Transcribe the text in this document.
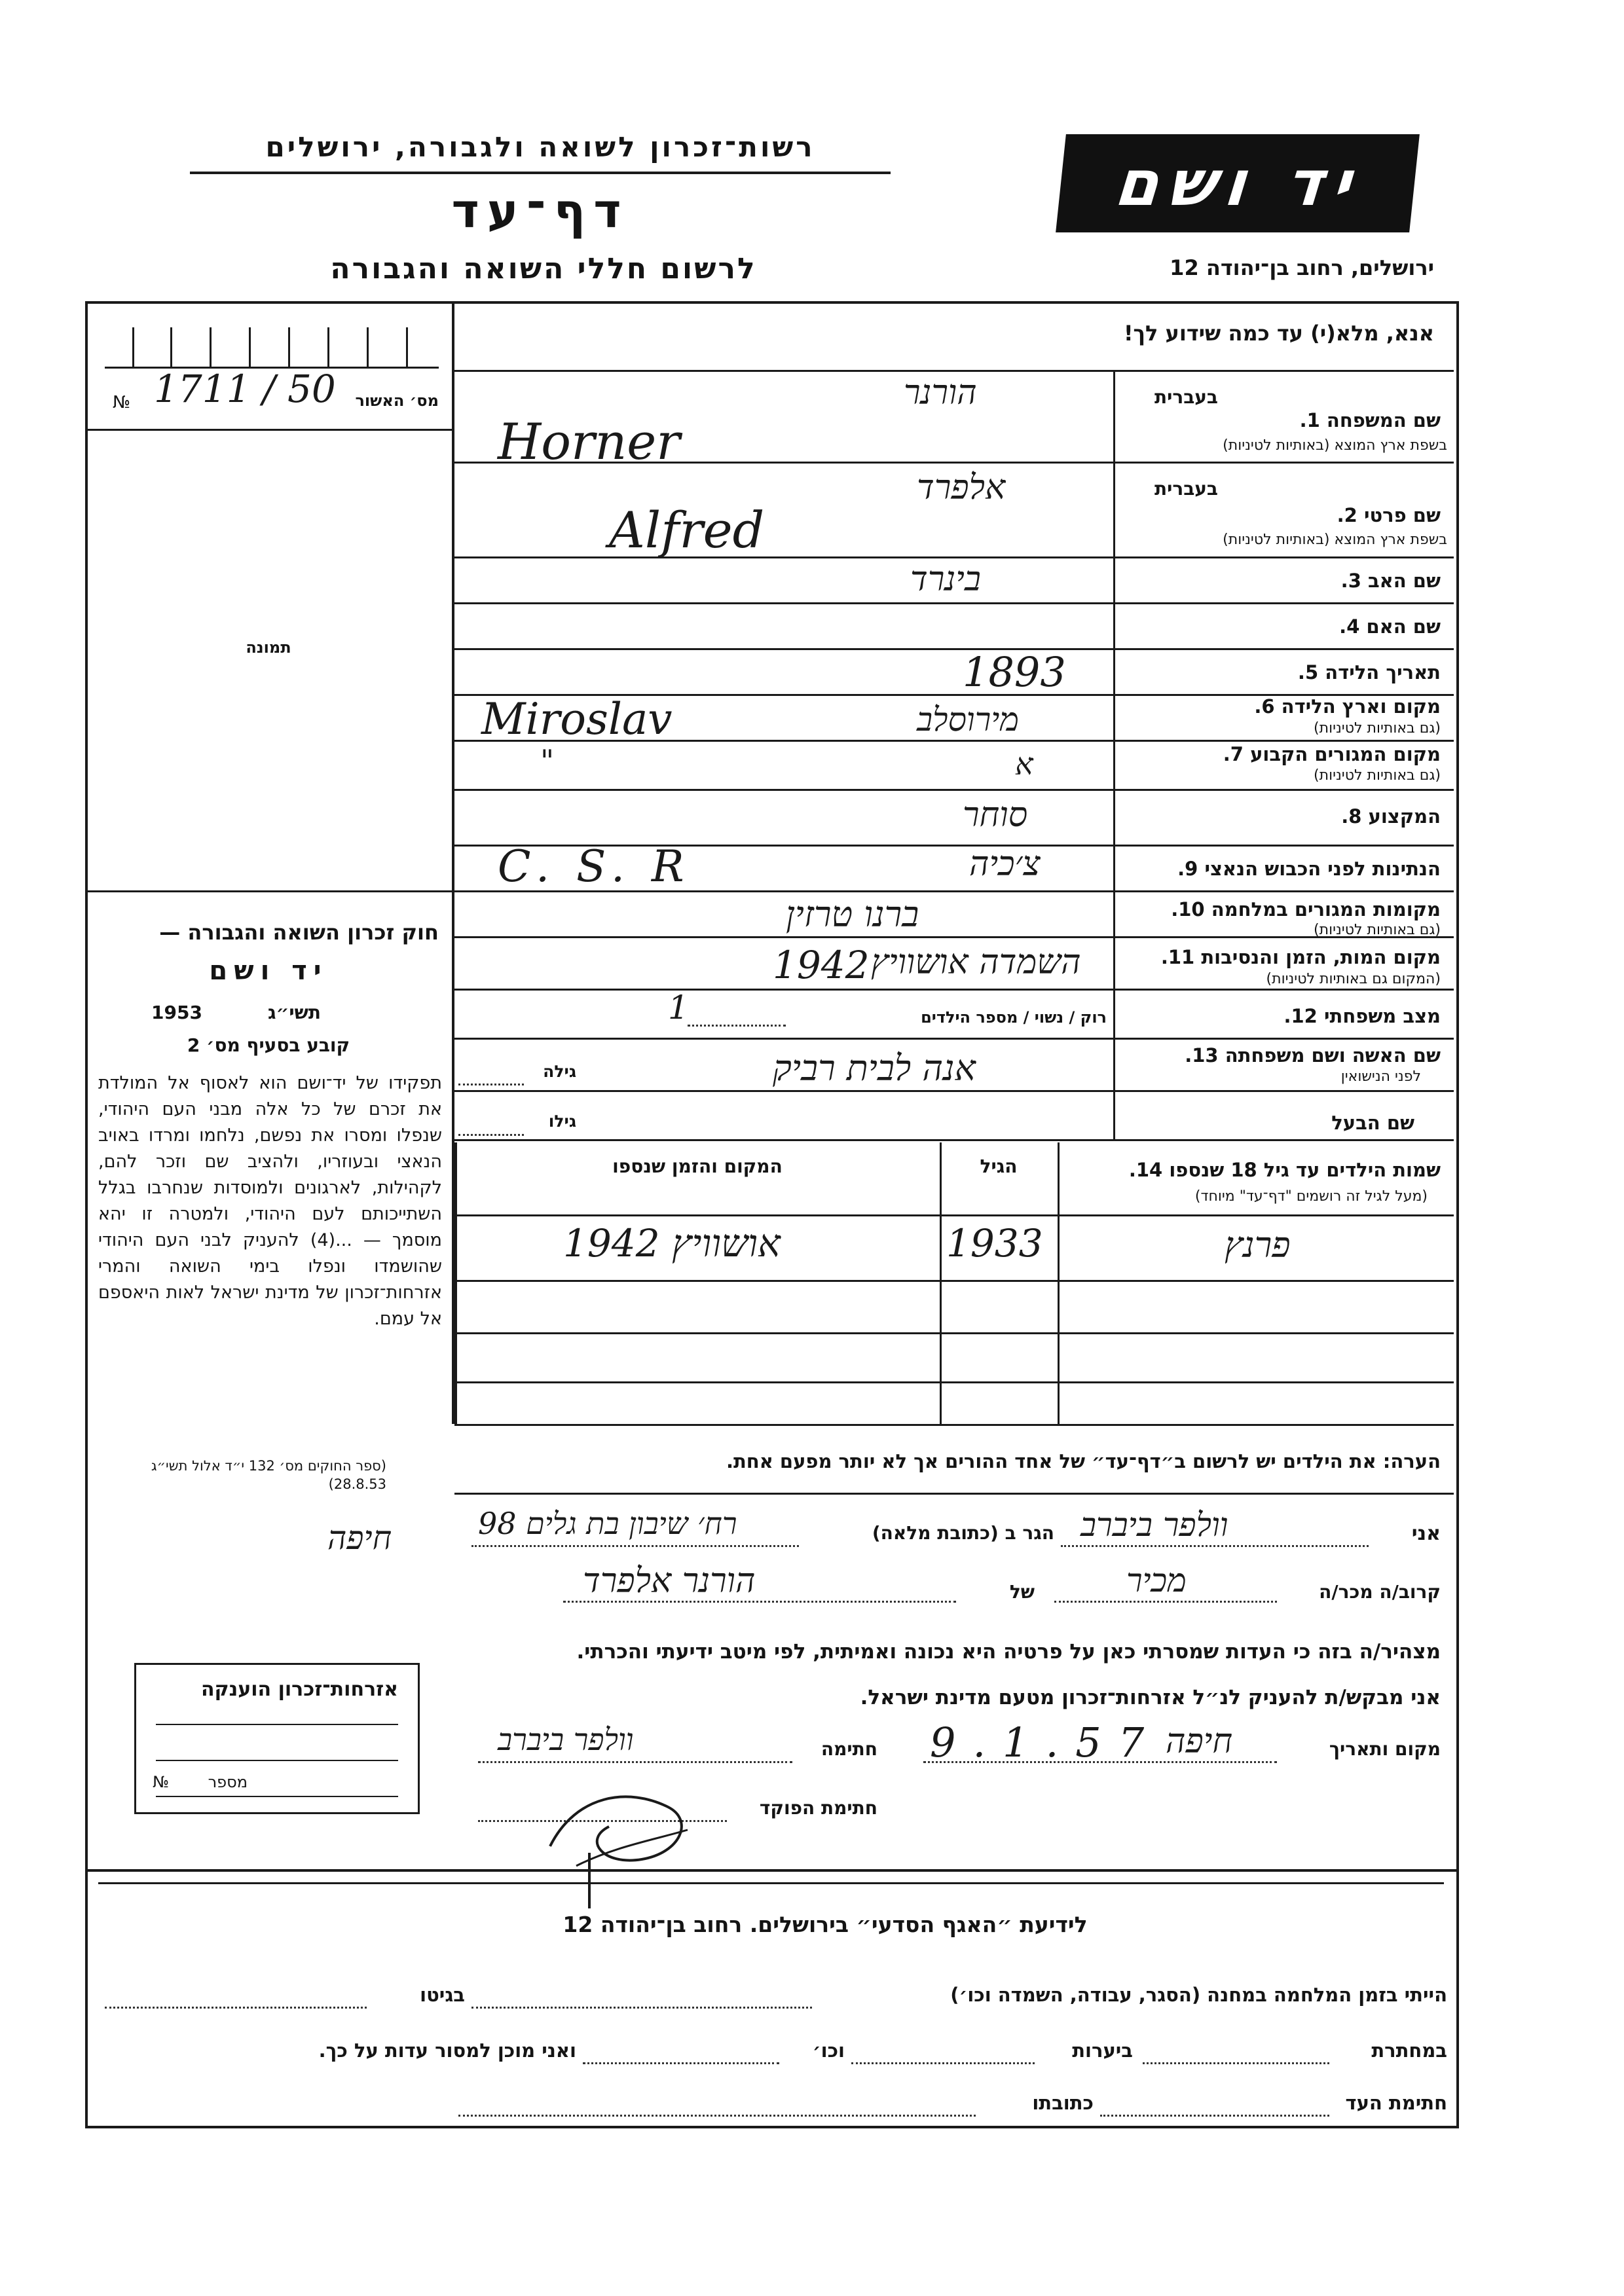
רשות־זכרון לשואה ולגבורה, ירושלים
דף־עד
לרשום חללי השואה והגבורה
יד ושם
ירושלים, רחוב בן־יהודה 12
אנא, מלא(י) עד כמה שידוע לך!
№ 1711 / 50 מס׳ האשור
תמונה
חוק זכרון השואה והגבורה —
יד ושם
תשי״ג
1953
קובע בסעיף מס׳ 2
תפקידו של יד־ושם הוא לאסוף אל המולדת את זכרם של כל אלה מבני העם היהודי, שנפלו ומסרו את נפשם, נלחמו ומרדו באויב הנאצי ובעוזריו, ולהציב שם וזכר להם, לקהילות, לארגונים ולמוסדות שנחרבו בגלל השתייכותם לעם היהודי, ולמטרה זו יהא מוסמך — ...(4) להעניק לבני העם היהודי שהושמדו ונפלו בימי השואה והמרי אזרחות־זכרון של מדינת ישראל לאות היאספם אל עמם.
(ספר החוקים מס׳ 132 י״ד אלול תשי״ג 28.8.53)
בעברית
שם המשפחה 1.
בשפת ארץ המוצא (באותיות לטיניות)
הורנר
Horner
בעברית
שם פרטי 2.
בשפת ארץ המוצא (באותיות לטיניות)
אלפרד
Alfred
שם האב 3.
בינרד
שם האם 4.
תאריך הלידה 5.
1893
מקום וארץ הלידה 6.
(גם באותיות לטיניות)
מירוסלב
Miroslav
מקום המגורים הקבוע 7.
(גם באותיות לטיניות)
א
"
המקצוע 8.
סוחר
הנתינות לפני הכבוש הנאצי 9.
צ׳כיה
C. S. R
מקומות המגורים במלחמה 10.
(גם באותיות לטיניות)
ברנו טרזין
מקום המות, הזמן והנסיבות 11.
(המקום גם באותיות לטיניות)
השמדה אושוויץ
1942
מצב משפחתי 12.
רוק / נשוי / מספר הילדים
1
שם האשה ושם משפחתה 13.
לפני הנישואין
אנה לבית רביק
גילה
שם הבעל
גילו
שמות הילדים עד גיל 18 שנספו 14.
(מעל לגיל זה רושמים "דף־עד" מיוחד)
הגיל
המקום והזמן שנספו
פרנץ
1933
1942 אושוויץ
הערה: את הילדים יש לרשום ב״דף־עד״ של אחד ההורים אך לא יותר מפעם אחת.
אני
וולפר ביברב
הגר ב (כתובת מלאה)
רח׳ שיבון בת גלים 98
חיפה
קרוב/ה מכר/ה
מכיר
של
הורנר אלפרד
מצהיר/ה בזה כי העדות שמסרתי כאן על פרטיה היא נכונה ואמיתית, לפי מיטב ידיעתי והכרתי.
אני מבקש/ת להעניק לנ״ל אזרחות־זכרון מטעם מדינת ישראל.
מקום ותאריך
חיפה
9.1.57
חתימה
וולפר ביברב
חתימת הפוקד
אזרחות־זכרון הוענקה
מספר
№
לידיעת ״האגף הסדעי״ בירושלים. רחוב בן־יהודה 12
הייתי בזמן המלחמה במחנה (הסגר, עבודה, השמדה וכו׳)
בגיטו
במחתרת
ביערות
וכו׳
ואני מוכן למסור עדות על כך.
חתימת העד
כתובתו
